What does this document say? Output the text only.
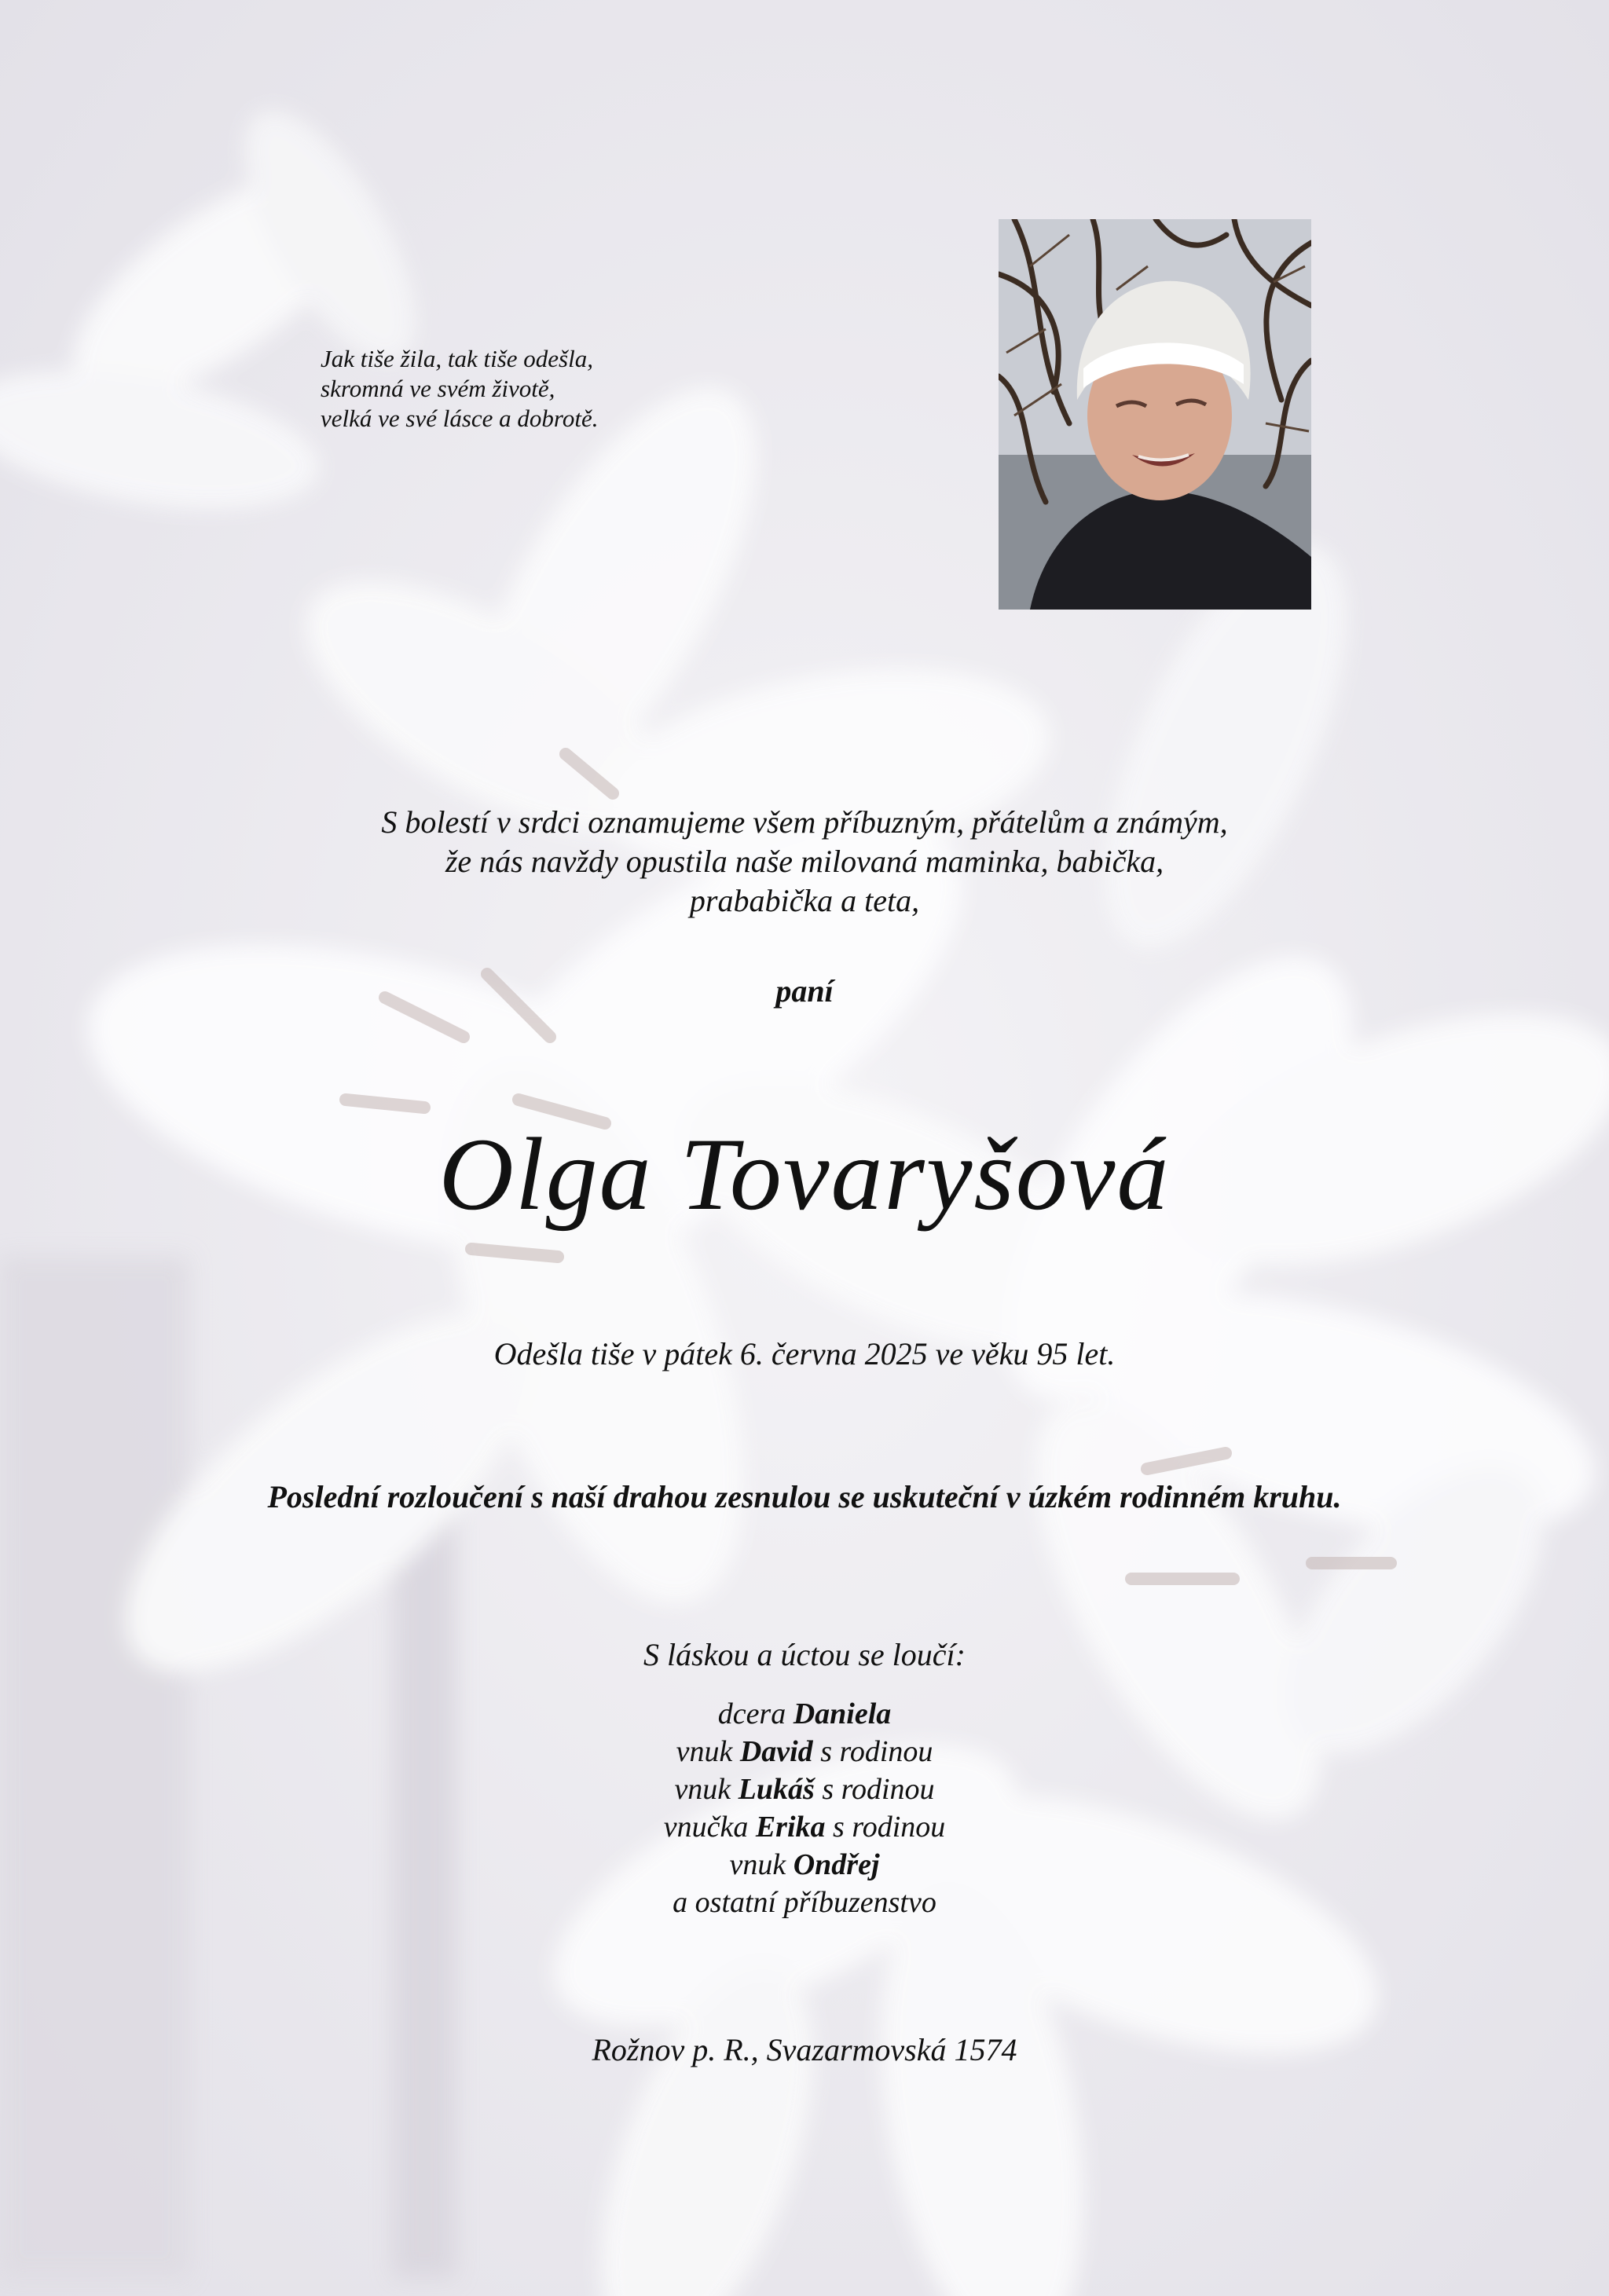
Jak tiše žila, tak tiše odešla,
skromná ve svém životě,
velká ve své lásce a dobrotě.
S bolestí v srdci oznamujeme všem příbuzným, přátelům a známým,
že nás navždy opustila naše milovaná maminka, babička,
prababička a teta,
paní
Olga Tovaryšová
Odešla tiše v pátek 6. června 2025 ve věku 95 let.
Poslední rozloučení s naší drahou zesnulou se uskuteční v úzkém rodinném kruhu.
S láskou a úctou se loučí:
dcera Daniela
vnuk David s rodinou
vnuk Lukáš s rodinou
vnučka Erika s rodinou
vnuk Ondřej
a ostatní příbuzenstvo
Rožnov p. R., Svazarmovská 1574
